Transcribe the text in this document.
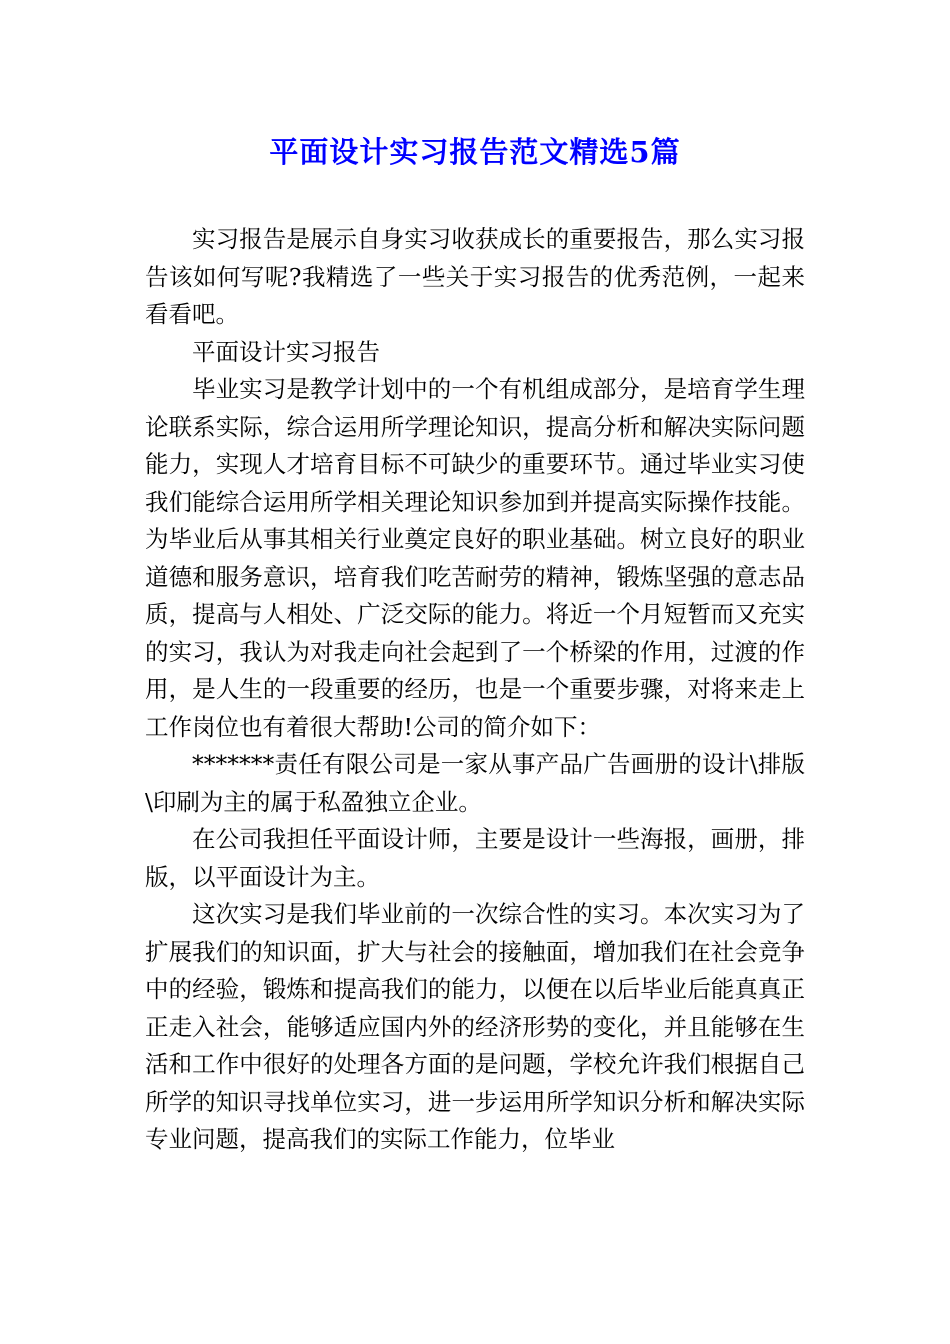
平面设计实习报告范文精选5篇

实习报告是展示自身实习收获成长的重要报告，那么实习报告该如何写呢?我精选了一些关于实习报告的优秀范例，一起来看看吧。

平面设计实习报告

毕业实习是教学计划中的一个有机组成部分，是培育学生理论联系实际，综合运用所学理论知识，提高分析和解决实际问题能力，实现人才培育目标不可缺少的重要环节。通过毕业实习使我们能综合运用所学相关理论知识参加到并提高实际操作技能。为毕业后从事其相关行业奠定良好的职业基础。树立良好的职业道德和服务意识，培育我们吃苦耐劳的精神，锻炼坚强的意志品质，提高与人相处、广泛交际的能力。将近一个月短暂而又充实的实习，我认为对我走向社会起到了一个桥梁的作用，过渡的作用，是人生的一段重要的经历，也是一个重要步骤，对将来走上工作岗位也有着很大帮助!公司的简介如下：

*******责任有限公司是一家从事产品广告画册的设计\排版\印刷为主的属于私盈独立企业。

在公司我担任平面设计师，主要是设计一些海报，画册，排版，以平面设计为主。

这次实习是我们毕业前的一次综合性的实习。本次实习为了扩展我们的知识面，扩大与社会的接触面，增加我们在社会竞争中的经验，锻炼和提高我们的能力，以便在以后毕业后能真真正正走入社会，能够适应国内外的经济形势的变化，并且能够在生活和工作中很好的处理各方面的是问题，学校允许我们根据自己所学的知识寻找单位实习，进一步运用所学知识分析和解决实际专业问题，提高我们的实际工作能力，位毕业
